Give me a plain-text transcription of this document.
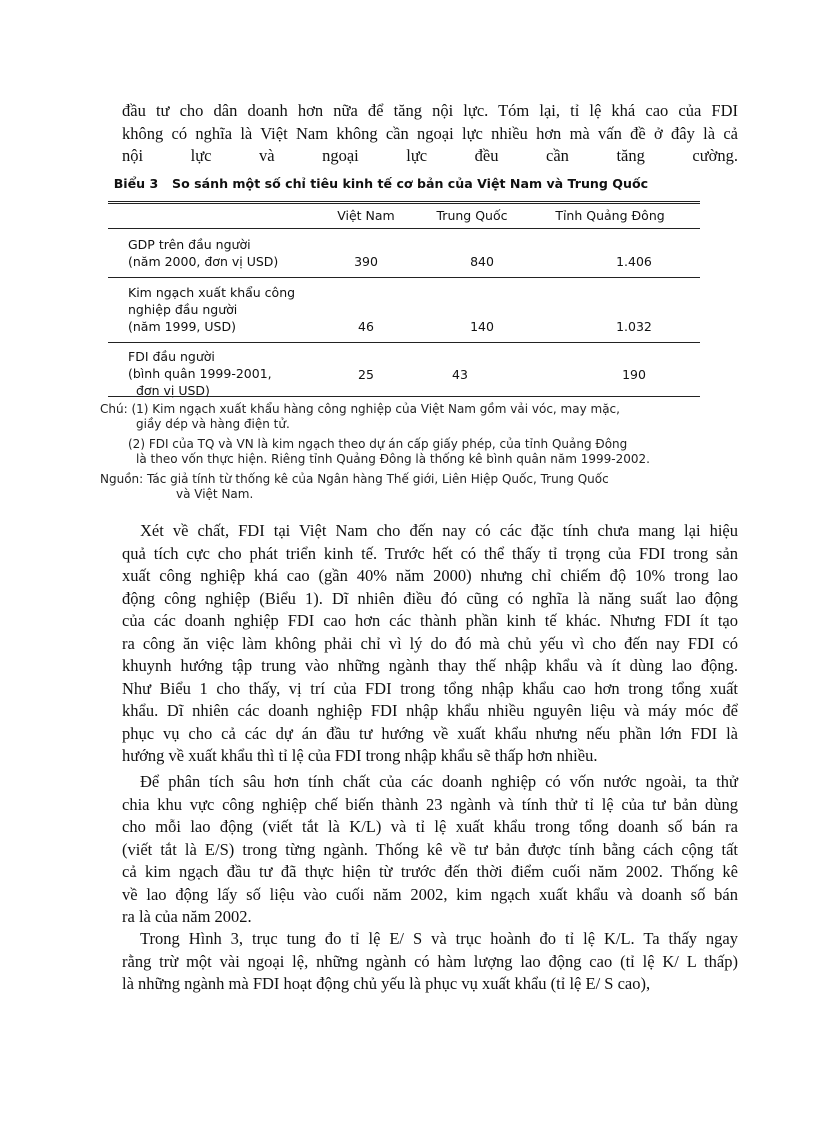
đầu tư cho dân doanh hơn nữa để tăng nội lực. Tóm lại, tỉ lệ khá cao của FDI
không có nghĩa là Việt Nam không cần ngoại lực nhiều hơn mà vấn đề ở đây là cả
nội lực và ngoại lực đều cần tăng cường.
Biểu 3 So sánh một số chỉ tiêu kinh tế cơ bản của Việt Nam và Trung Quốc
Việt Nam	Trung Quốc	Tỉnh Quảng Đông
GDP trên đầu người
(năm 2000, đơn vị USD)	390	840	1.406
Kim ngạch xuất khẩu công
nghiệp đầu người
(năm 1999, USD)	46	140	1.032
FDI đầu người
(bình quân 1999-2001,
đơn vị USD)
25	43	190
Chú: (1) Kim ngạch xuất khẩu hàng công nghiệp của Việt Nam gồm vải vóc, may mặc,
giầy dép và hàng điện tử.
(2) FDI của TQ và VN là kim ngạch theo dự án cấp giấy phép, của tỉnh Quảng Đông
là theo vốn thực hiện. Riêng tỉnh Quảng Đông là thống kê bình quân năm 1999-2002.
Nguồn: Tác giả tính từ thống kê của Ngân hàng Thế giới, Liên Hiệp Quốc, Trung Quốc
và Việt Nam.
Xét về chất, FDI tại Việt Nam cho đến nay có các đặc tính chưa mang lại hiệu
quả tích cực cho phát triển kinh tế. Trước hết có thể thấy tỉ trọng của FDI trong sản
xuất công nghiệp khá cao (gần 40% năm 2000) nhưng chỉ chiếm độ 10% trong lao
động công nghiệp (Biểu 1). Dĩ nhiên điều đó cũng có nghĩa là năng suất lao động
của các doanh nghiệp FDI cao hơn các thành phần kinh tế khác. Nhưng FDI ít tạo
ra công ăn việc làm không phải chỉ vì lý do đó mà chủ yếu vì cho đến nay FDI có
khuynh hướng tập trung vào những ngành thay thế nhập khẩu và ít dùng lao động.
Như Biểu 1 cho thấy, vị trí của FDI trong tổng nhập khẩu cao hơn trong tổng xuất
khẩu. Dĩ nhiên các doanh nghiệp FDI nhập khẩu nhiều nguyên liệu và máy móc để
phục vụ cho cả các dự án đầu tư hướng về xuất khẩu nhưng nếu phần lớn FDI là
hướng về xuất khẩu thì tỉ lệ của FDI trong nhập khẩu sẽ thấp hơn nhiều.
Để phân tích sâu hơn tính chất của các doanh nghiệp có vốn nước ngoài, ta thử
chia khu vực công nghiệp chế biến thành 23 ngành và tính thử tỉ lệ của tư bản dùng
cho mỗi lao động (viết tắt là K/L) và tỉ lệ xuất khẩu trong tổng doanh số bán ra
(viết tắt là E/S) trong từng ngành. Thống kê về tư bản được tính bằng cách cộng tất
cả kim ngạch đầu tư đã thực hiện từ trước đến thời điểm cuối năm 2002. Thống kê
về lao động lấy số liệu vào cuối năm 2002, kim ngạch xuất khẩu và doanh số bán
ra là của năm 2002.
Trong Hình 3, trục tung đo tỉ lệ E/ S và trục hoành đo tỉ lệ K/L. Ta thấy ngay
rằng trừ một vài ngoại lệ, những ngành có hàm lượng lao động cao (tỉ lệ K/ L thấp)
là những ngành mà FDI hoạt động chủ yếu là phục vụ xuất khẩu (tỉ lệ E/ S cao),
